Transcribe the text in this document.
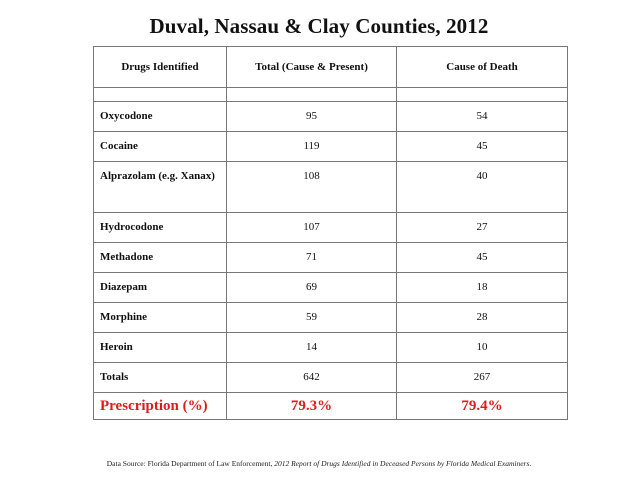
Duval, Nassau & Clay Counties, 2012
Drugs Identified	Total (Cause & Present)	Cause of Death

Oxycodone	95	54
Cocaine	119	45
Alprazolam (e.g. Xanax)	108	40
Hydrocodone	107	27
Methadone	71	45
Diazepam	69	18
Morphine	59	28
Heroin	14	10
Totals	642	267
Prescription (%)	79.3%	79.4%
Data Source: Florida Department of Law Enforcement, 2012 Report of Drugs Identified in Deceased Persons by Florida Medical Examiners.
